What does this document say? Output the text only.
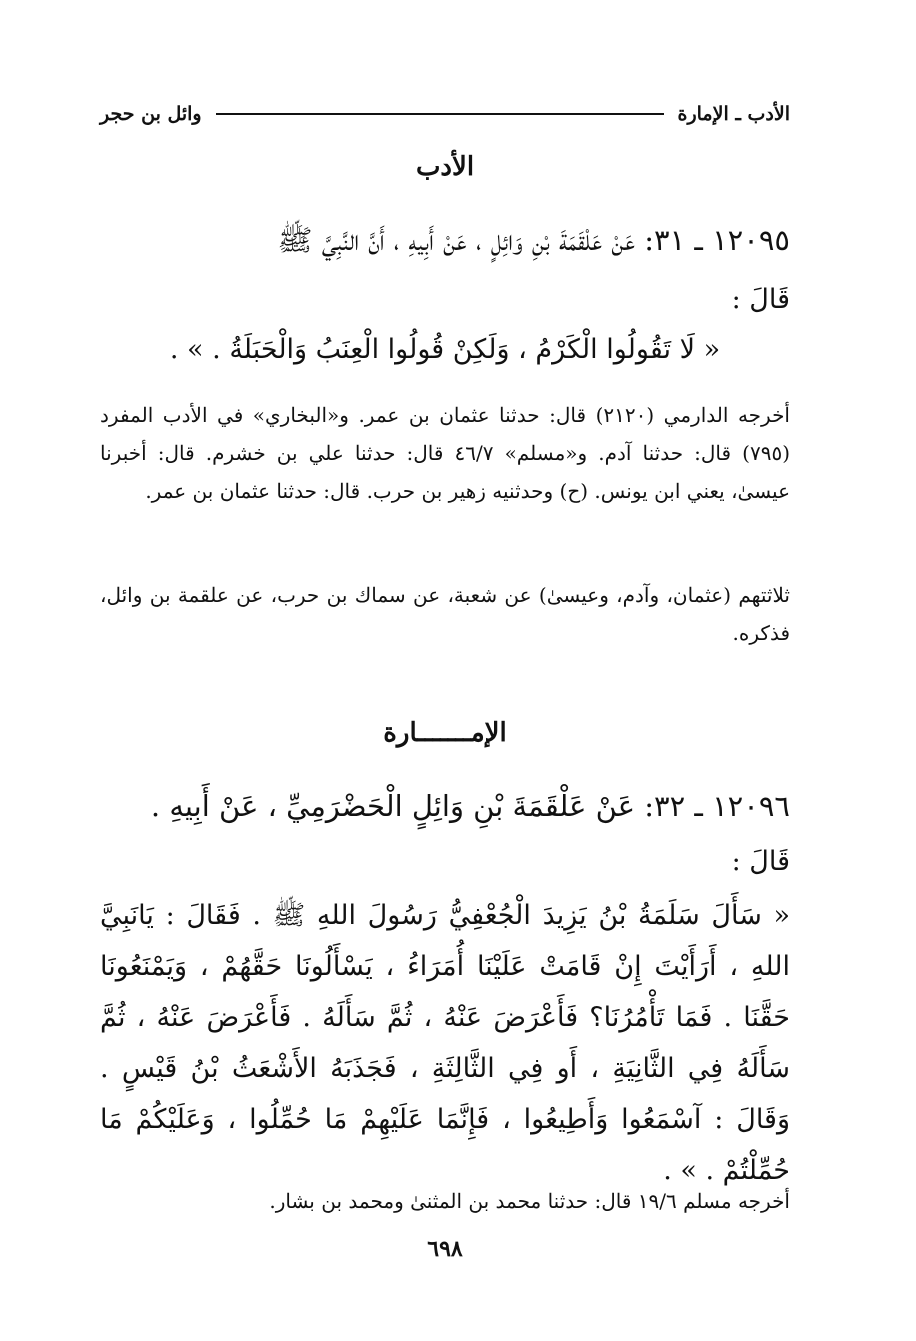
الأدب ـ الإمارة
وائل بن حجر
الأدب
١٢٠٩٥ ـ ٣١: عَنْ عَلْقَمَةَ بْنِ وَائِلٍ ، عَنْ أَبِيهِ ، أَنَّ النَّبِيَّ ﷺ
قَالَ :
« لَا تَقُولُوا الْكَرْمُ ، وَلَكِنْ قُولُوا الْعِنَبُ وَالْحَبَلَةُ . » .
أخرجه الدارمي (٢١٢٠) قال: حدثنا عثمان بن عمر. و«البخاري» في الأدب المفرد (٧٩٥) قال: حدثنا آدم. و«مسلم» ٤٦/٧ قال: حدثنا علي بن خشرم. قال: أخبرنا عيسىٰ، يعني ابن يونس. (ح) وحدثنيه زهير بن حرب. قال: حدثنا عثمان بن عمر.
ثلاثتهم (عثمان، وآدم، وعيسىٰ) عن شعبة، عن سماك بن حرب، عن علقمة بن وائل، فذكره.
الإمـــــــارة
١٢٠٩٦ ـ ٣٢: عَنْ عَلْقَمَةَ بْنِ وَائِلٍ الْحَضْرَمِيِّ ، عَنْ أَبِيهِ .
قَالَ :
« سَأَلَ سَلَمَةُ بْنُ يَزِيدَ الْجُعْفِيُّ رَسُولَ اللهِ ﷺ . فَقَالَ : يَانَبِيَّ اللهِ ، أَرَأَيْتَ إِنْ قَامَتْ عَلَيْنَا أُمَرَاءُ ، يَسْأَلُونَا حَقَّهُمْ ، وَيَمْنَعُونَا حَقَّنَا . فَمَا تَأْمُرُنَا؟ فَأَعْرَضَ عَنْهُ ، ثُمَّ سَأَلَهُ . فَأَعْرَضَ عَنْهُ ، ثُمَّ سَأَلَهُ فِي الثَّانِيَةِ ، أَو فِي الثَّالِثَةِ ، فَجَذَبَهُ الأَشْعَثُ بْنُ قَيْسٍ . وَقَالَ : آسْمَعُوا وَأَطِيعُوا ، فَإِنَّمَا عَلَيْهِمْ مَا حُمِّلُوا ، وَعَلَيْكُمْ مَا حُمِّلْتُمْ . » .
أخرجه مسلم ١٩/٦ قال: حدثنا محمد بن المثنىٰ ومحمد بن بشار.
٦٩٨
